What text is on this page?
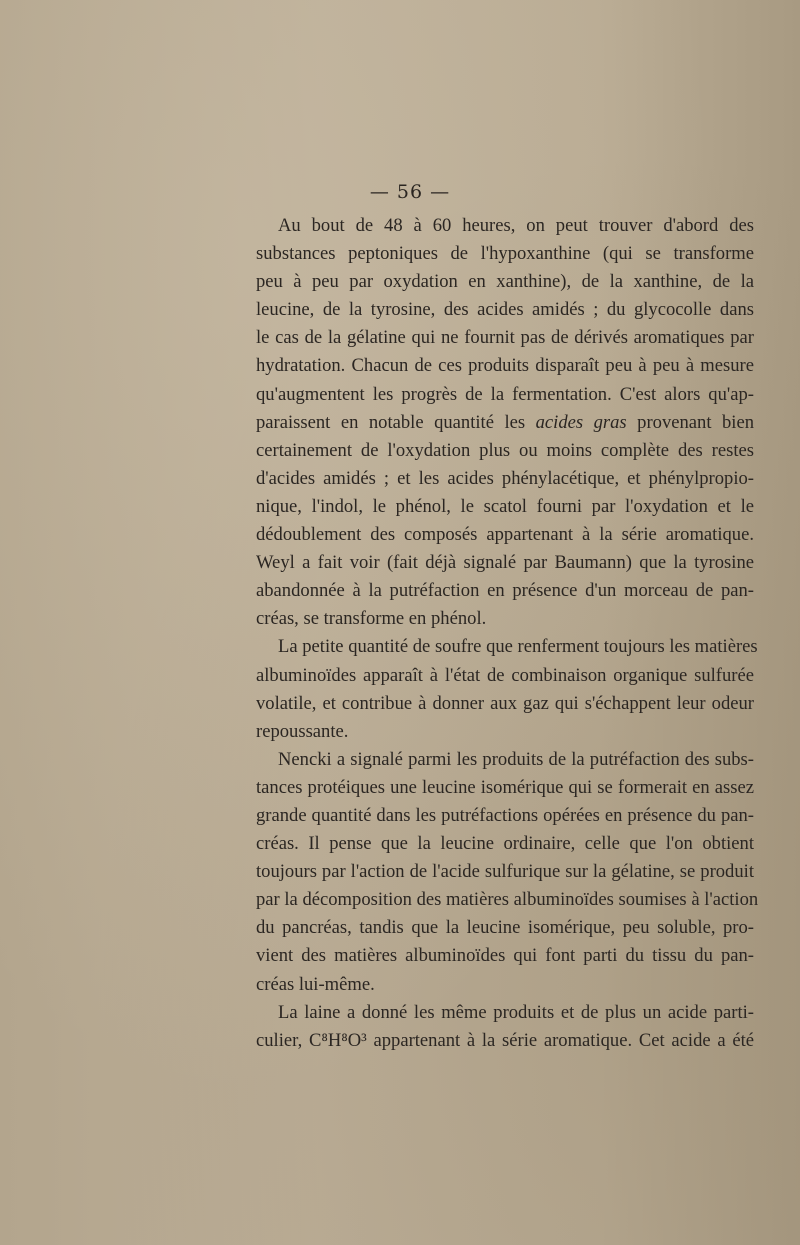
— 56 —
Au bout de 48 à 60 heures, on peut trouver d'abord des
substances peptoniques de l'hypoxanthine (qui se transforme
peu à peu par oxydation en xanthine), de la xanthine, de la
leucine, de la tyrosine, des acides amidés ; du glycocolle dans
le cas de la gélatine qui ne fournit pas de dérivés aromatiques par
hydratation. Chacun de ces produits disparaît peu à peu à mesure
qu'augmentent les progrès de la fermentation. C'est alors qu'ap-
paraissent en notable quantité les acides gras provenant bien
certainement de l'oxydation plus ou moins complète des restes
d'acides amidés ; et les acides phénylacétique, et phénylpropio-
nique, l'indol, le phénol, le scatol fourni par l'oxydation et le
dédoublement des composés appartenant à la série aromatique.
Weyl a fait voir (fait déjà signalé par Baumann) que la tyrosine
abandonnée à la putréfaction en présence d'un morceau de pan-
créas, se transforme en phénol.
La petite quantité de soufre que renferment toujours les matières
albuminoïdes apparaît à l'état de combinaison organique sulfurée
volatile, et contribue à donner aux gaz qui s'échappent leur odeur
repoussante.
Nencki a signalé parmi les produits de la putréfaction des subs-
tances protéiques une leucine isomérique qui se formerait en assez
grande quantité dans les putréfactions opérées en présence du pan-
créas. Il pense que la leucine ordinaire, celle que l'on obtient
toujours par l'action de l'acide sulfurique sur la gélatine, se produit
par la décomposition des matières albuminoïdes soumises à l'action
du pancréas, tandis que la leucine isomérique, peu soluble, pro-
vient des matières albuminoïdes qui font parti du tissu du pan-
créas lui-même.
La laine a donné les même produits et de plus un acide parti-
culier, C⁸H⁸O³ appartenant à la série aromatique. Cet acide a été
